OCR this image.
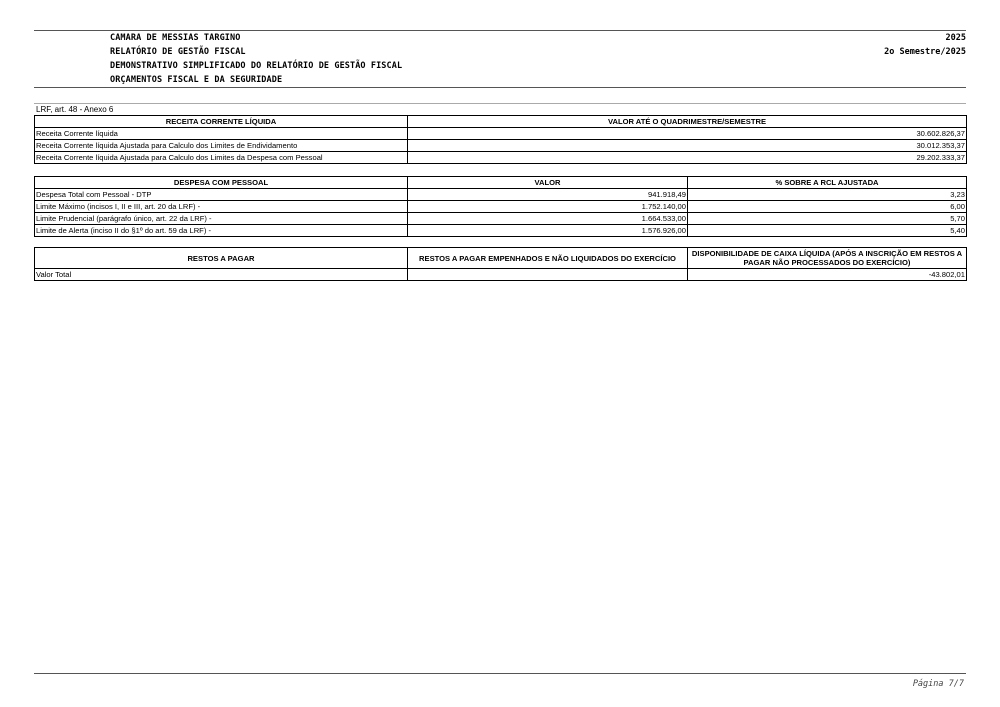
CAMARA DE MESSIAS TARGINO
RELATÓRIO DE GESTÃO FISCAL
DEMONSTRATIVO SIMPLIFICADO DO RELATÓRIO DE GESTÃO FISCAL
ORÇAMENTOS FISCAL E DA SEGURIDADE
2025
2o Semestre/2025
LRF, art. 48 - Anexo 6
RECEITA CORRENTE LÍQUIDA	VALOR ATÉ O QUADRIMESTRE/SEMESTRE
Receita Corrente líquida	30.602.826,37
Receita Corrente líquida Ajustada para Calculo dos Limites de Endividamento	30.012.353,37
Receita Corrente líquida Ajustada para Calculo dos Limites da Despesa com Pessoal	29.202.333,37
DESPESA COM PESSOAL	VALOR	% SOBRE A RCL AJUSTADA
Despesa Total com Pessoal - DTP	941.918,49	3,23
Limite Máximo (incisos I, II e III, art. 20 da LRF) -	1.752.140,00	6,00
Limite Prudencial (parágrafo único, art. 22 da LRF) -	1.664.533,00	5,70
Limite de Alerta (inciso II do §1º do art. 59 da LRF) -	1.576.926,00	5,40
RESTOS A PAGAR	RESTOS A PAGAR EMPENHADOS E NÃO LIQUIDADOS DO EXERCÍCIO	DISPONIBILIDADE DE CAIXA LÍQUIDA (APÓS A INSCRIÇÃO EM RESTOS A PAGAR NÃO PROCESSADOS DO EXERCÍCIO)
Valor Total		-43.802,01
Página 7/7
